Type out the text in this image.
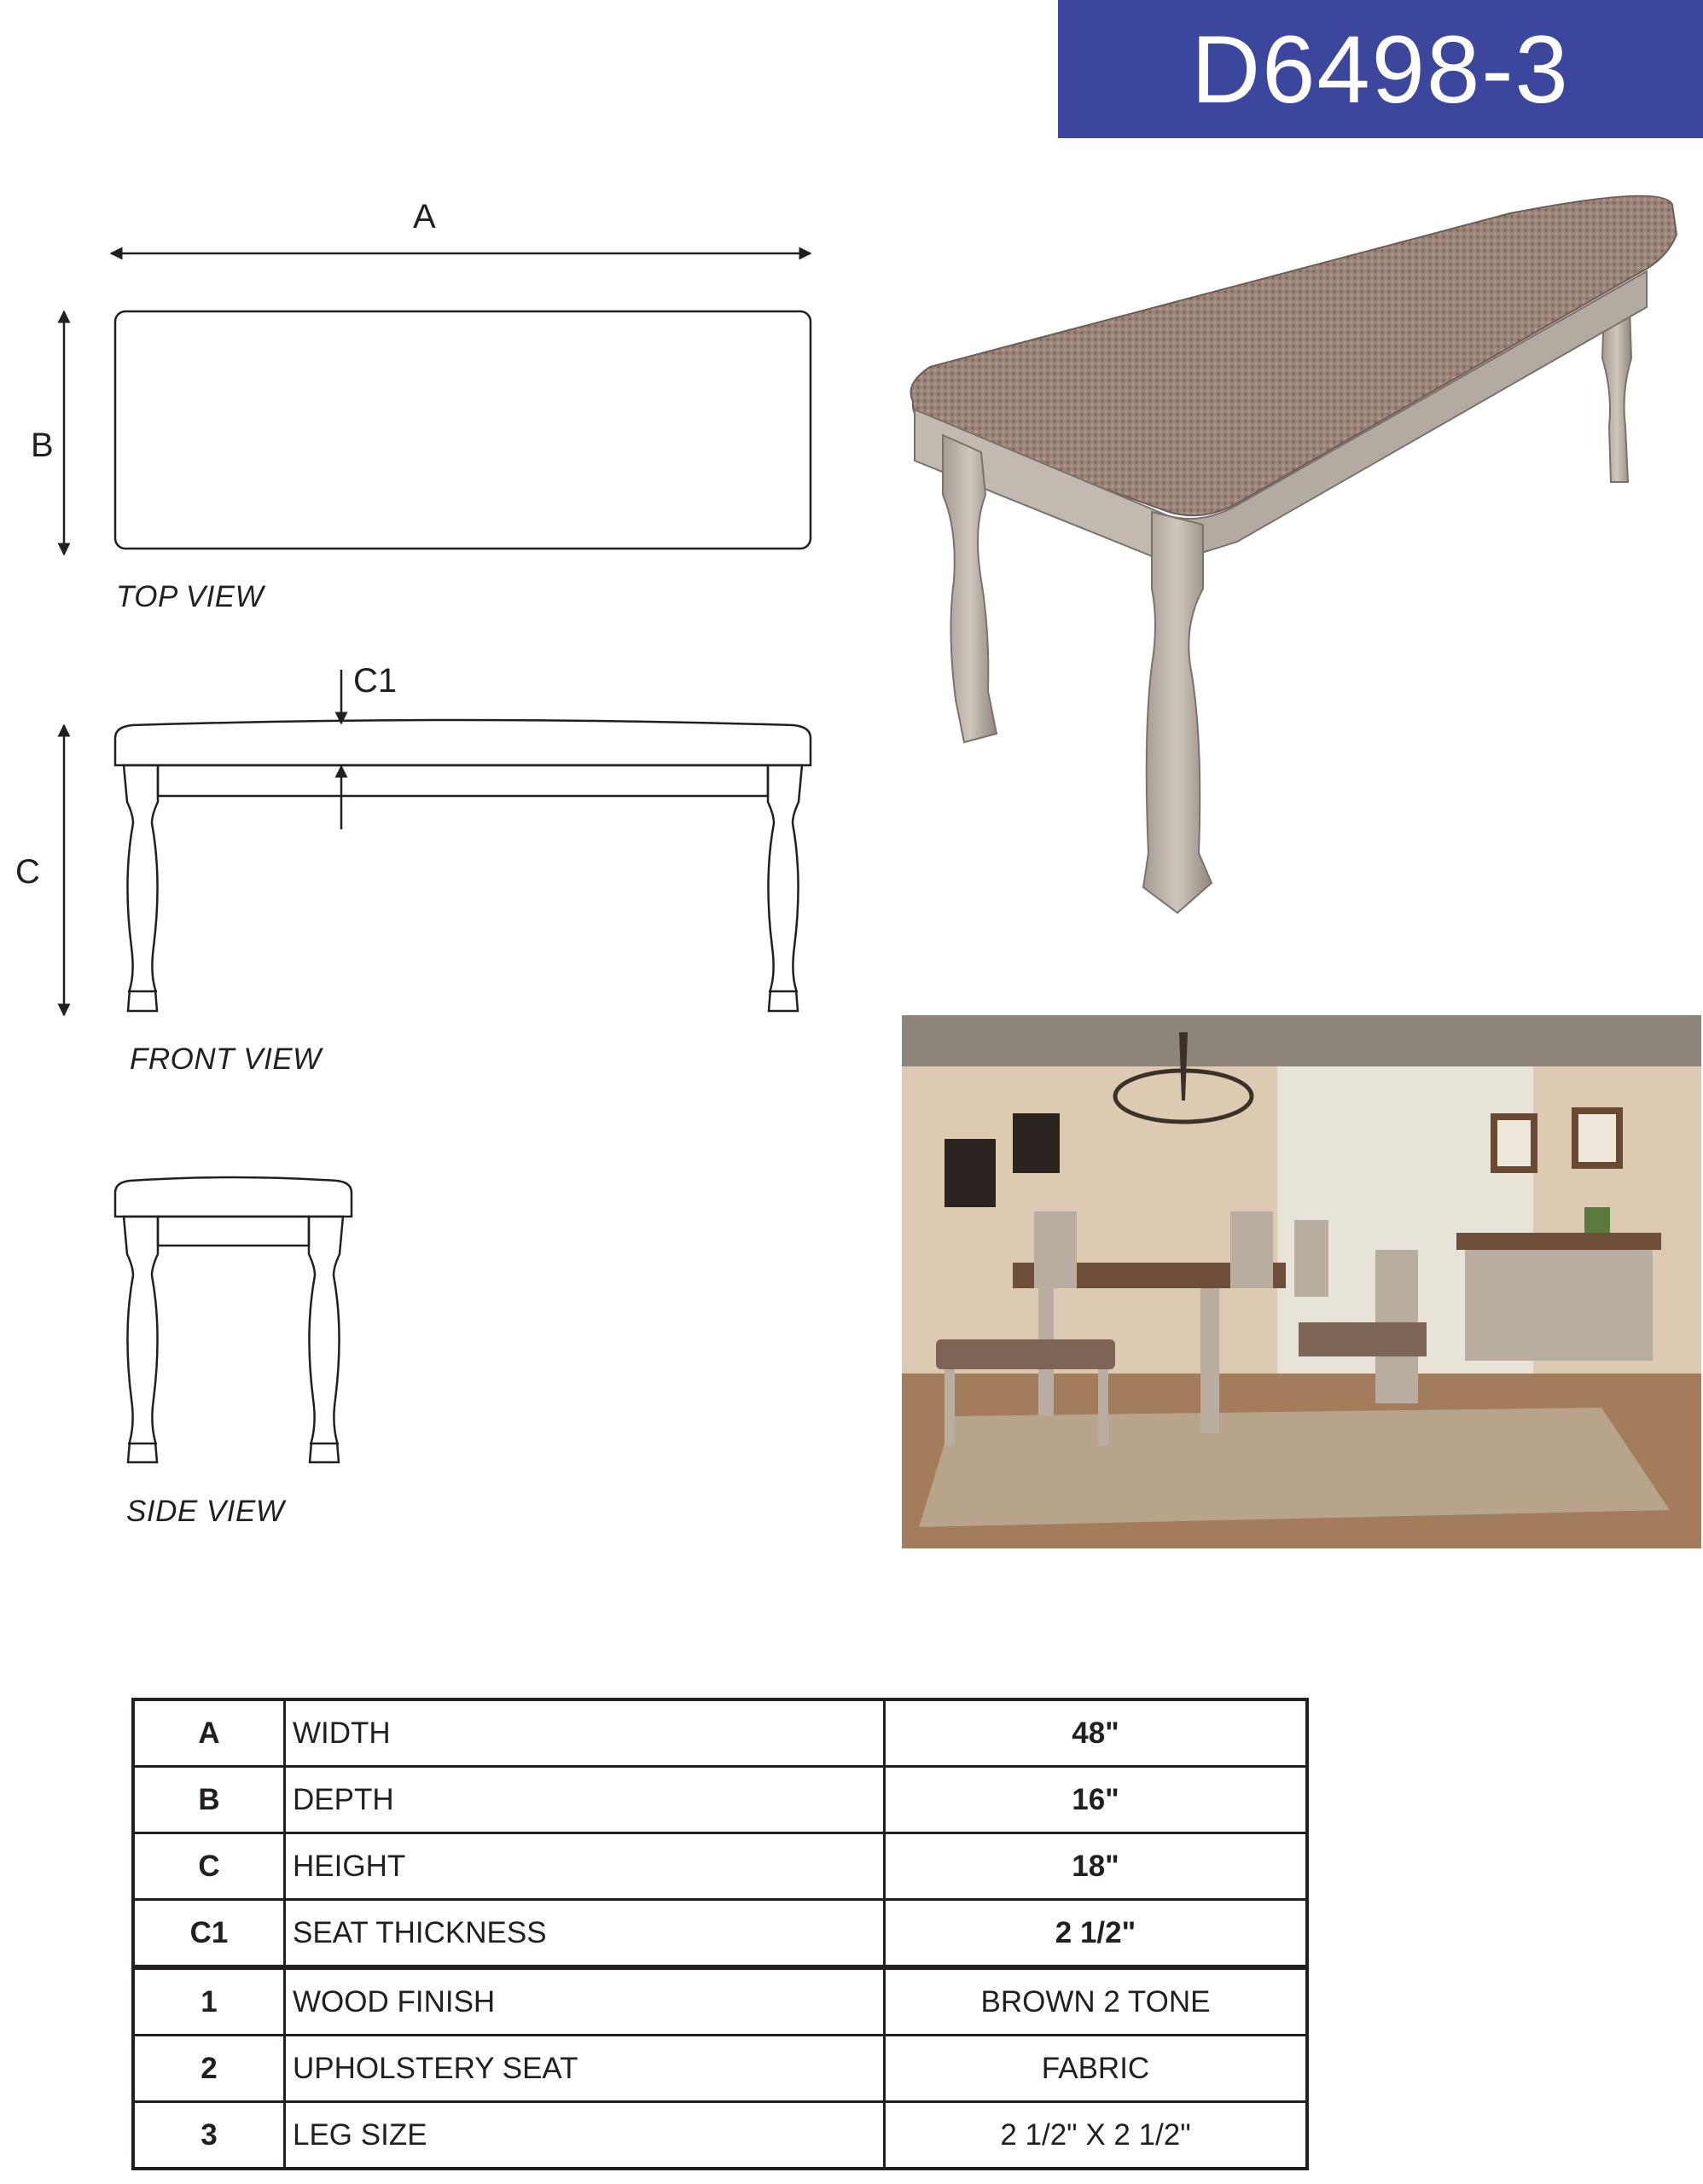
D6498-3
A
B
C
C1
TOP VIEW
FRONT VIEW
SIDE VIEW
A	WIDTH	48"
B	DEPTH	16"
C	HEIGHT	18"
C1	SEAT THICKNESS	2 1/2"
1	WOOD FINISH	BROWN 2 TONE
2	UPHOLSTERY SEAT	FABRIC
3	LEG SIZE	2 1/2" X 2 1/2"
